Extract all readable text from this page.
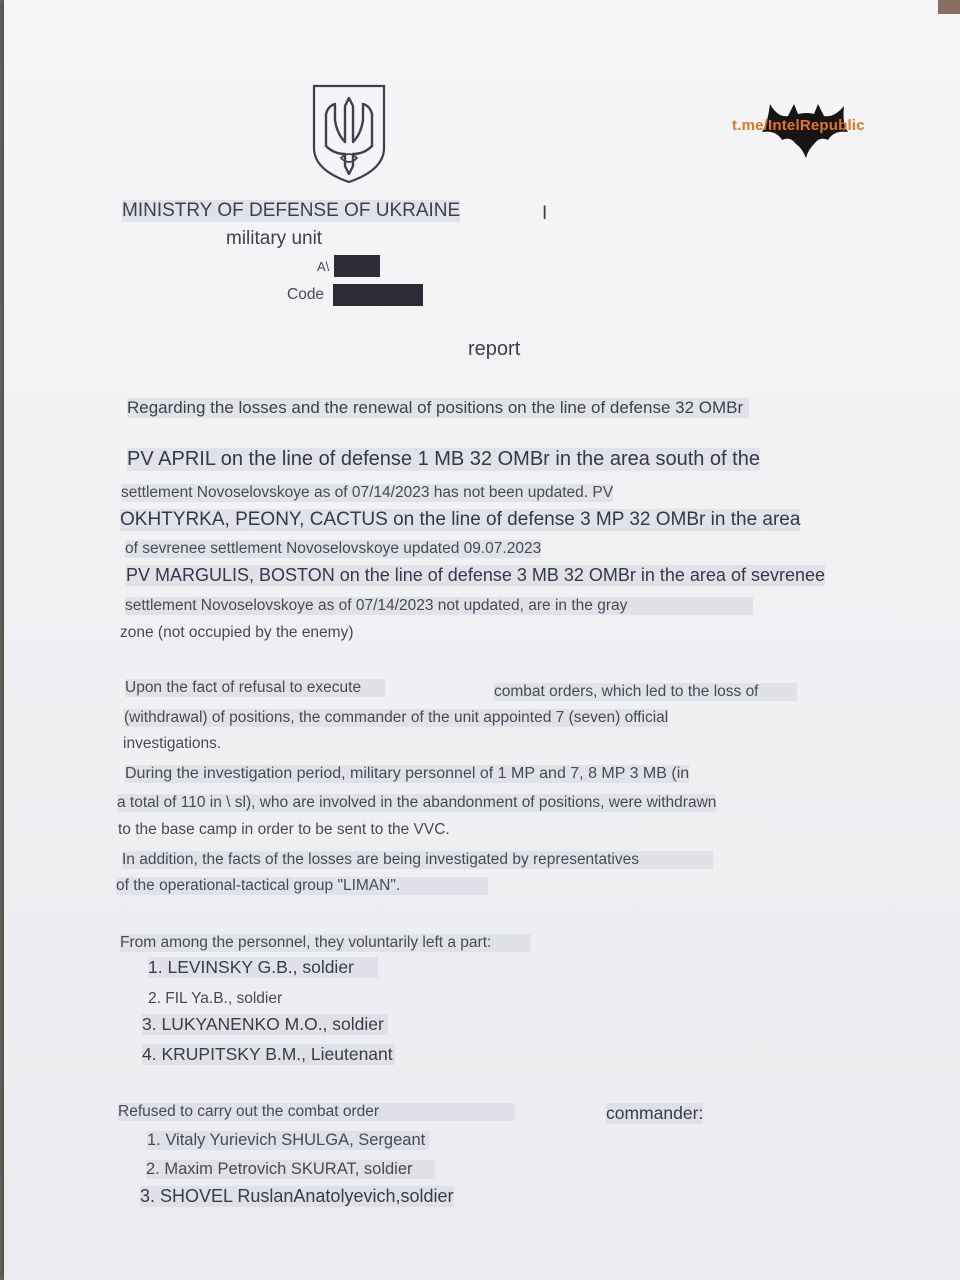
t.me/IntelRepublic
MINISTRY OF DEFENSE OF UKRAINE	I
military unit
A\
Code
report
Regarding the losses and the renewal of positions on the line of defense 32 OMBr
PV APRIL on the line of defense 1 MB 32 OMBr in the area south of the
settlement Novoselovskoye as of 07/14/2023 has not been updated. PV
OKHTYRKA, PEONY, CACTUS on the line of defense 3 MP 32 OMBr in the area
of sevrenee settlement Novoselovskoye updated 09.07.2023
PV MARGULIS, BOSTON on the line of defense 3 MB 32 OMBr in the area of sevrenee
settlement Novoselovskoye as of 07/14/2023 not updated, are in the gray
zone (not occupied by the enemy)
Upon the fact of refusal to execute	combat orders, which led to the loss of
(withdrawal) of positions, the commander of the unit appointed 7 (seven) official
investigations.
During the investigation period, military personnel of 1 MP and 7, 8 MP 3 MB (in
a total of 110 in \ sl), who are involved in the abandonment of positions, were withdrawn
to the base camp in order to be sent to the VVC.
In addition, the facts of the losses are being investigated by representatives
of the operational-tactical group "LIMAN".
From among the personnel, they voluntarily left a part:
1. LEVINSKY G.B., soldier
2. FIL Ya.B., soldier
3. LUKYANENKO M.O., soldier
4. KRUPITSKY B.M., Lieutenant
Refused to carry out the combat order	commander:
1. Vitaly Yurievich SHULGA, Sergeant
2. Maxim Petrovich SKURAT, soldier
3. SHOVEL RuslanAnatolyevich,soldier
